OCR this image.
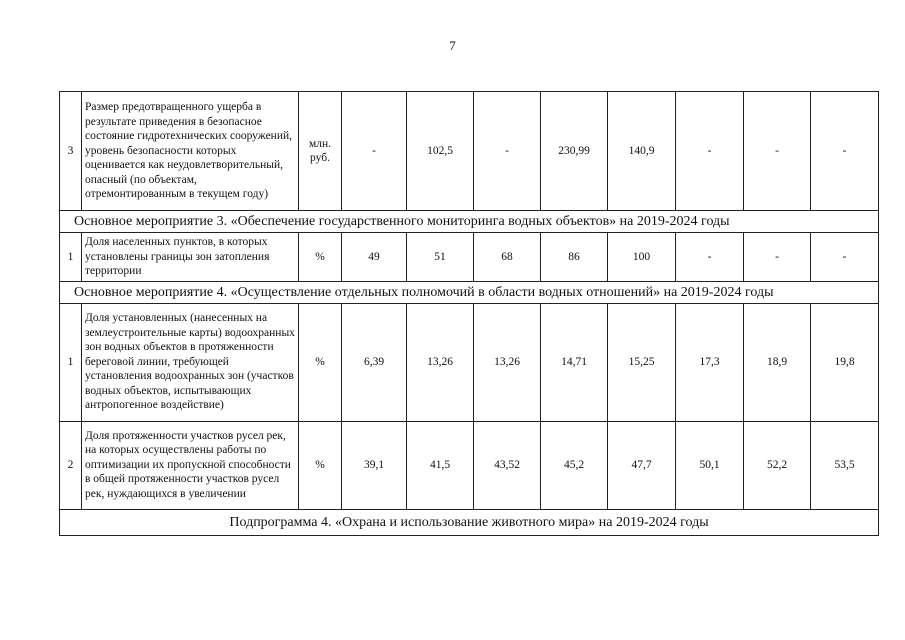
7
3	Размер предотвращенного ущерба в результате приведения в безопасное состояние гидротехнических сооружений, уровень безопасности которых оценивается как неудовлетворительный, опасный (по объектам, отремонтированным в текущем году)	млн. руб.	-	102,5	-	230,99	140,9	-	-	-
Основное мероприятие 3. «Обеспечение государственного мониторинга водных объектов» на 2019-2024 годы										
1	Доля населенных пунктов, в которых установлены границы зон затопления территории	%	49	51	68	86	100	-	-	-
Основное мероприятие 4. «Осуществление отдельных полномочий в области водных отношений» на 2019-2024 годы										
1	Доля установленных (нанесенных на землеустроительные карты) водоохранных зон водных объектов в протяженности береговой линии, требующей установления водоохранных зон (участков водных объектов, испытывающих антропогенное воздействие)	%	6,39	13,26	13,26	14,71	15,25	17,3	18,9	19,8
2	Доля протяженности участков русел рек, на которых осуществлены работы по оптимизации их пропускной способности в общей протяженности участков русел рек, нуждающихся в увеличении	%	39,1	41,5	43,52	45,2	47,7	50,1	52,2	53,5
Подпрограмма 4. «Охрана и использование животного мира» на 2019-2024 годы										
